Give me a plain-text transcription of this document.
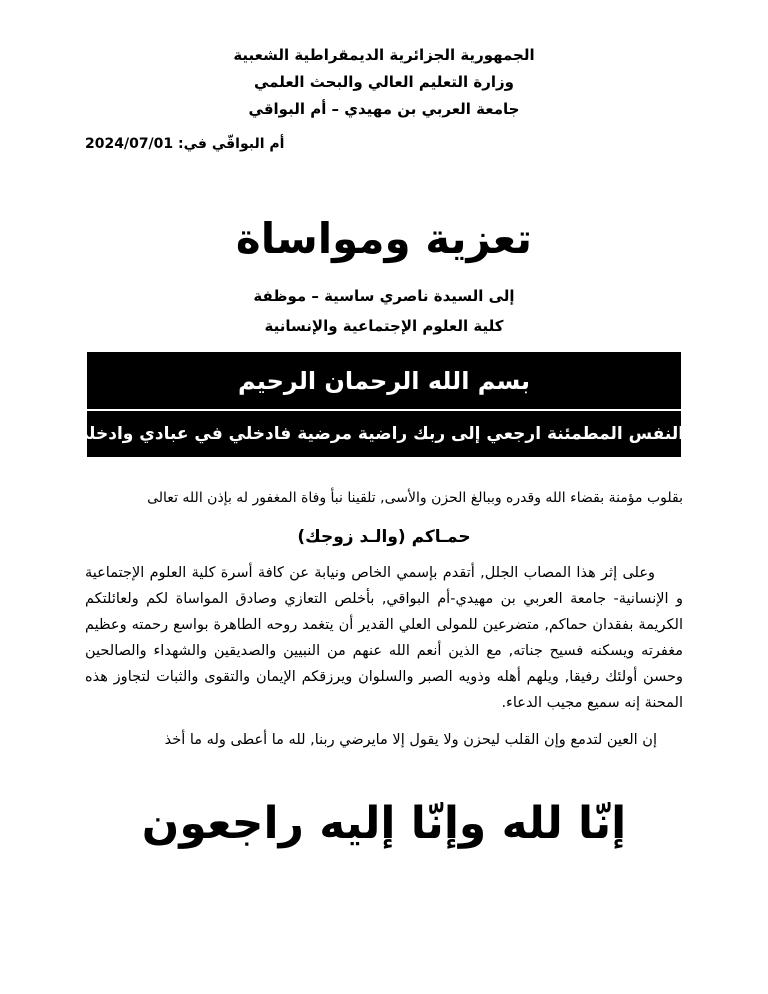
الجمهورية الجزائرية الديمقراطية الشعبية
وزارة التعليم العالي والبحث العلمي
جامعة العربي بن مهيدي – أم البواقي
أم البواقّي في: 2024/07/01
تعزية ومواساة
إلى السيدة ناصري ساسية – موظفة
كلية العلوم الإجتماعية والإنسانية
بسم الله الرحمان الرحيم
(يا أيتها النفس المطمئنة ارجعي إلى ربك راضية مرضية فادخلي في عبادي وادخلي جنتي)

بقلوب مؤمنة بقضاء الله وقدره وببالغ الحزن والأسى, تلقينا نبأ وفاة المغفور له بإذن الله تعالى

حمـاكم (والـد زوجك)

وعلى إثر هذا المصاب الجلل, أتقدم بإسمي الخاص ونيابة عن كافة أسرة كلية العلوم الإجتماعية و الإنسانية- جامعة العربي بن مهيدي-أم البواقي, بأخلص التعازي وصادق المواساة لكم ولعائلتكم الكريمة بفقدان حماكم, متضرعين للمولى العلي القدير أن يتغمد روحه الطاهرة بواسع رحمته وعظيم مغفرته ويسكنه فسيح جناته, مع الذين أنعم الله عنهم من النبيين والصديقين والشهداء والصالحين وحسن أولئك رفيقا, ويلهم أهله وذويه الصبر والسلوان ويرزقكم الإيمان والتقوى والثبات لتجاوز هذه المحنة إنه سميع مجيب الدعاء.

إن العين لتدمع وإن القلب ليحزن ولا يقول إلا مايرضي ربنا, لله ما أعطى وله ما أخذ

إنّا لله وإنّا إليه راجعون
